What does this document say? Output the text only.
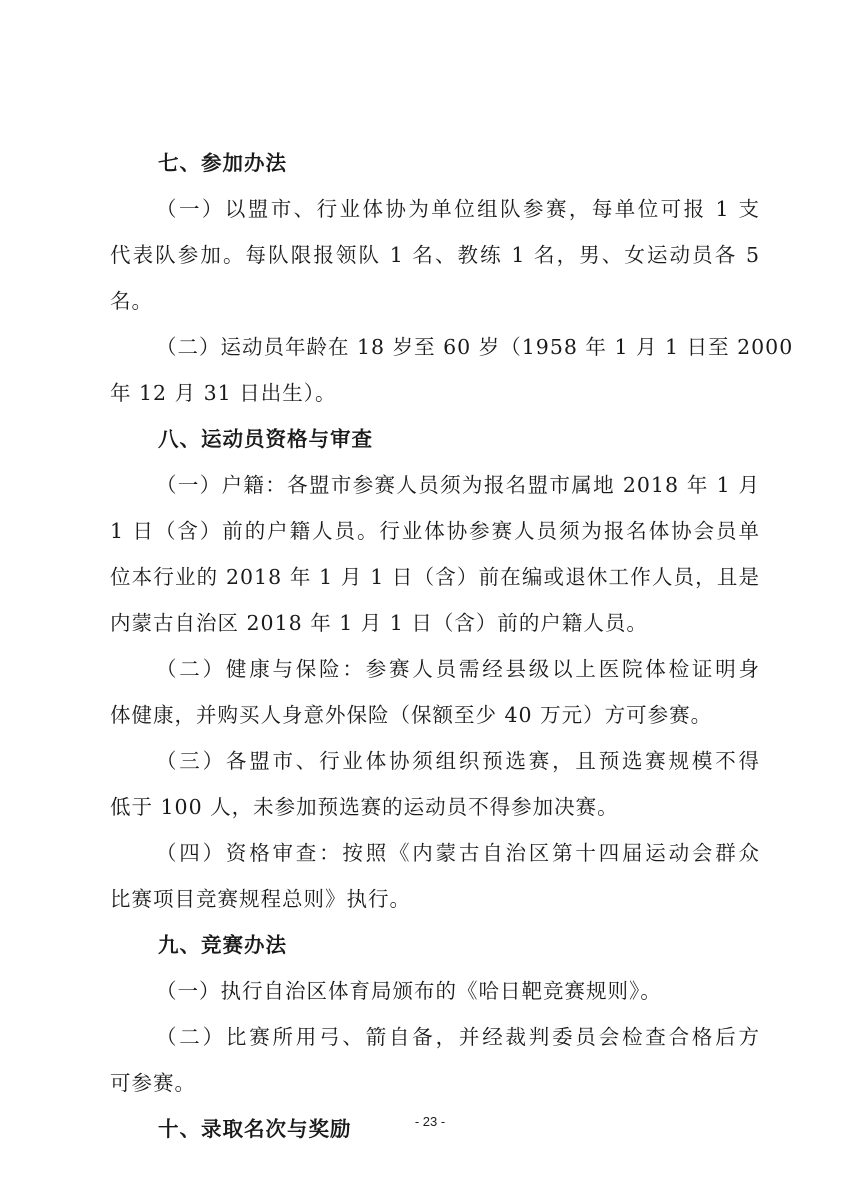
七、参加办法
（一）以盟市、行业体协为单位组队参赛，每单位可报 1 支
代表队参加。每队限报领队 1 名、教练 1 名，男、女运动员各 5
名。
（二）运动员年龄在 18 岁至 60 岁（1958 年 1 月 1 日至 2000
年 12 月 31 日出生）。
八、运动员资格与审查
（一）户籍：各盟市参赛人员须为报名盟市属地 2018 年 1 月
1 日（含）前的户籍人员。行业体协参赛人员须为报名体协会员单
位本行业的 2018 年 1 月 1 日（含）前在编或退休工作人员，且是
内蒙古自治区 2018 年 1 月 1 日（含）前的户籍人员。
（二）健康与保险：参赛人员需经县级以上医院体检证明身
体健康，并购买人身意外保险（保额至少 40 万元）方可参赛。
（三）各盟市、行业体协须组织预选赛，且预选赛规模不得
低于 100 人，未参加预选赛的运动员不得参加决赛。
（四）资格审查：按照《内蒙古自治区第十四届运动会群众
比赛项目竞赛规程总则》执行。
九、竞赛办法
（一）执行自治区体育局颁布的《哈日靶竞赛规则》。
（二）比赛所用弓、箭自备，并经裁判委员会检查合格后方
可参赛。
十、录取名次与奖励	- 23 -
